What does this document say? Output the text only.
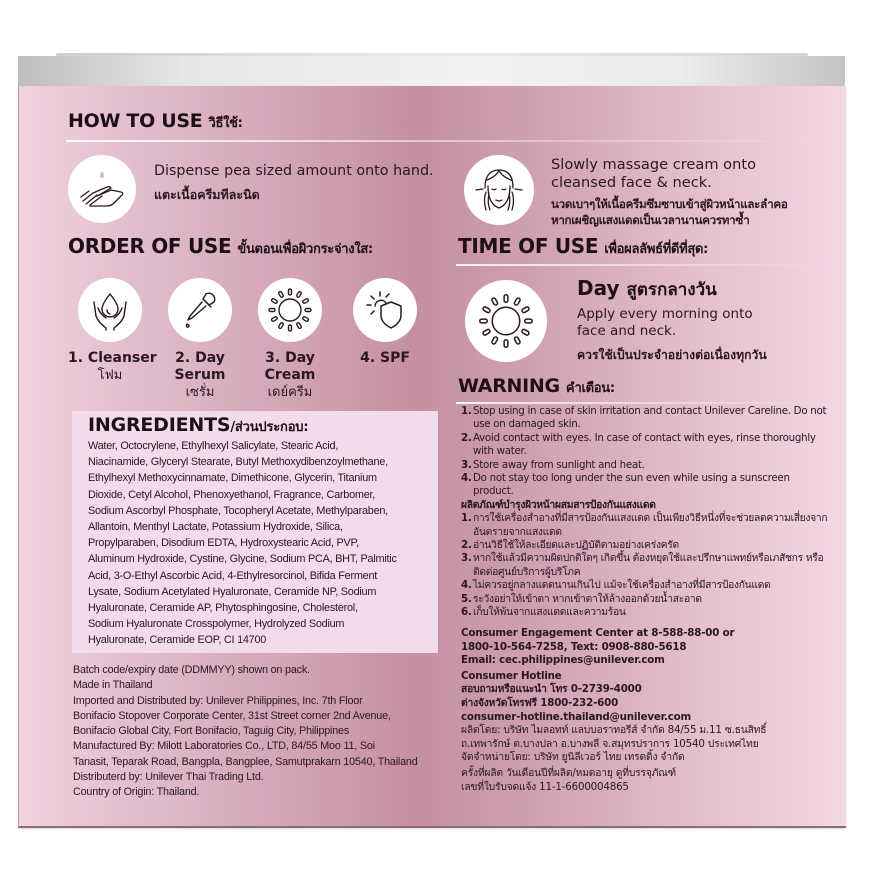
HOW TO USE วิธีใช้:
Dispense pea sized amount onto hand.
แตะเนื้อครีมทีละนิด
Slowly massage cream onto
cleansed face & neck.
นวดเบาๆให้เนื้อครีมซึมซาบเข้าสู่ผิวหน้าและลำคอ
หากเผชิญแสงแดดเป็นเวลานานควรทาซ้ำ
ORDER OF USE ขั้นตอนเพื่อผิวกระจ่างใส:
1. Cleanser
โฟม
2. Day
Serum
เซรั่ม
3. Day
Cream
เดย์ครีม
4. SPF
TIME OF USE เพื่อผลลัพธ์ที่ดีที่สุด:
Day สูตรกลางวัน
Apply every morning onto
face and neck.
ควรใช้เป็นประจำอย่างต่อเนื่องทุกวัน
WARNING คำเตือน:
1. Stop using in case of skin irritation and contact Unilever Careline. Do not use on damaged skin.
2. Avoid contact with eyes. In case of contact with eyes, rinse thoroughly with water.
3. Store away from sunlight and heat.
4. Do not stay too long under the sun even while using a sunscreen product.
ผลิตภัณฑ์บำรุงผิวหน้าผสมสารป้องกันแสงแดด
1. การใช้เครื่องสำอางที่มีสารป้องกันแสงแดด เป็นเพียงวิธีหนึ่งที่จะช่วยลดความเสี่ยงจากอันตรายจากแสงแดด
2. อ่านวิธีใช้ให้ละเอียดและปฏิบัติตามอย่างเคร่งครัด
3. หากใช้แล้วมีความผิดปกติใดๆ เกิดขึ้น ต้องหยุดใช้และปรึกษาแพทย์หรือเภสัชกร หรือติดต่อศูนย์บริการผู้บริโภค
4. ไม่ควรอยู่กลางแดดนานเกินไป แม้จะใช้เครื่องสำอางที่มีสารป้องกันแดด
5. ระวังอย่าให้เข้าตา หากเข้าตาให้ล้างออกด้วยน้ำสะอาด
6. เก็บให้พ้นจากแสงแดดและความร้อน
Consumer Engagement Center at 8-588-88-00 or
1800-10-564-7258, Text: 0908-880-5618
Email: cec.philippines@unilever.com
Consumer Hotline
สอบถามหรือแนะนำ โทร 0-2739-4000
ต่างจังหวัดโทรฟรี 1800-232-600
consumer-hotline.thailand@unilever.com
ผลิตโดย: บริษัท ไมลอทท์ แลบบอราทอรีส์ จำกัด 84/55 ม.11 ซ.ธนสิทธิ์
ถ.เทพารักษ์ ต.บางปลา อ.บางพลี จ.สมุทรปราการ 10540 ประเทศไทย
จัดจำหน่ายโดย: บริษัท ยูนิลีเวอร์ ไทย เทรดดิ้ง จำกัด
ครั้งที่ผลิต วันเดือนปีที่ผลิต/หมดอายุ ดูที่บรรจุภัณฑ์
เลขที่ใบรับจดแจ้ง 11-1-6600004865
INGREDIENTS/ส่วนประกอบ:
Water, Octocrylene, Ethylhexyl Salicylate, Stearic Acid,
Niacinamide, Glyceryl Stearate, Butyl Methoxydibenzoylmethane,
Ethylhexyl Methoxycinnamate, Dimethicone, Glycerin, Titanium
Dioxide, Cetyl Alcohol, Phenoxyethanol, Fragrance, Carbomer,
Sodium Ascorbyl Phosphate, Tocopheryl Acetate, Methylparaben,
Allantoin, Menthyl Lactate, Potassium Hydroxide, Silica,
Propylparaben, Disodium EDTA, Hydroxystearic Acid, PVP,
Aluminum Hydroxide, Cystine, Glycine, Sodium PCA, BHT, Palmitic
Acid, 3-O-Ethyl Ascorbic Acid, 4-Ethylresorcinol, Bifida Ferment
Lysate, Sodium Acetylated Hyaluronate, Ceramide NP, Sodium
Hyaluronate, Ceramide AP, Phytosphingosine, Cholesterol,
Sodium Hyaluronate Crosspolymer, Hydrolyzed Sodium
Hyaluronate, Ceramide EOP, CI 14700
Batch code/expiry date (DDMMYY) shown on pack.
Made in Thailand
Imported and Distributed by: Unilever Philippines, Inc. 7th Floor
Bonifacio Stopover Corporate Center, 31st Street corner 2nd Avenue,
Bonifacio Global City, Fort Bonifacio, Taguig City, Philippines
Manufactured By: Milott Laboratories Co., LTD, 84/55 Moo 11, Soi
Tanasit, Teparak Road, Bangpla, Bangplee, Samutprakarn 10540, Thailand
Distributerd by: Unilever Thai Trading Ltd.
Country of Origin: Thailand.
